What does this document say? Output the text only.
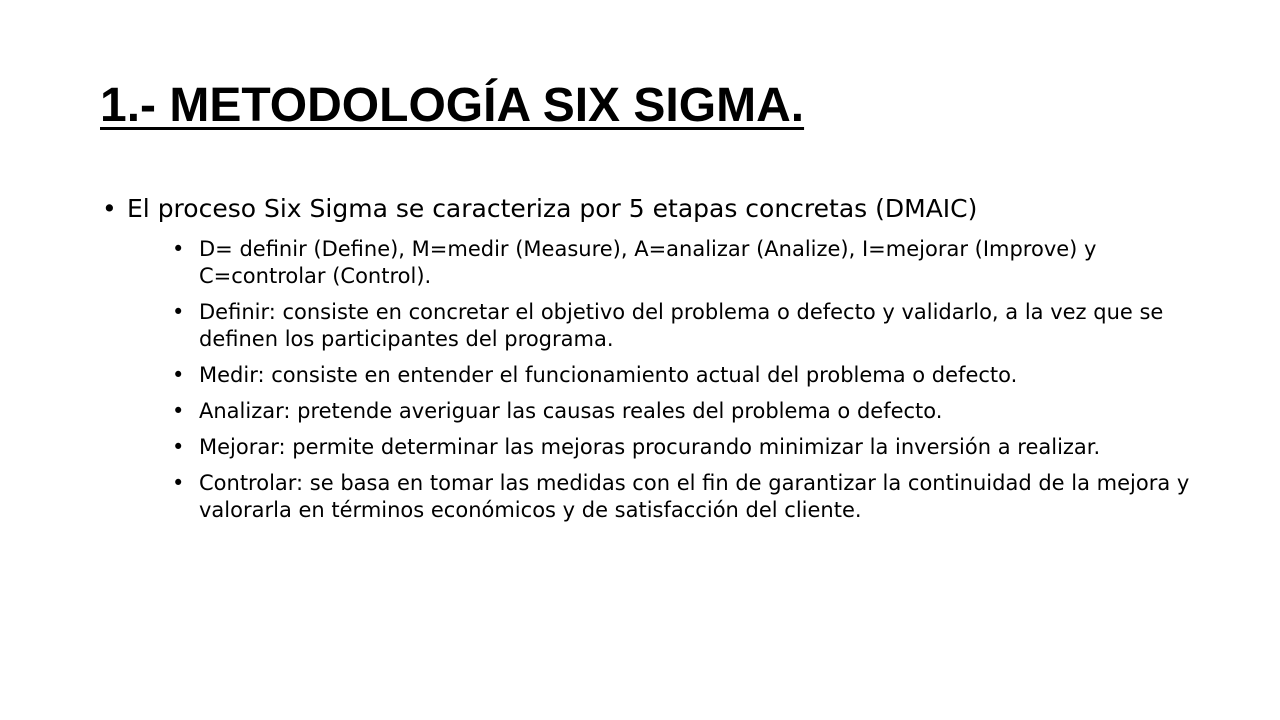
1.- METODOLOGÍA SIX SIGMA.
• El proceso Six Sigma se caracteriza por 5 etapas concretas (DMAIC)
• D= definir (Define), M=medir (Measure), A=analizar (Analize), I=mejorar (Improve) y C=controlar (Control).
• Definir: consiste en concretar el objetivo del problema o defecto y validarlo, a la vez que se definen los participantes del programa.
• Medir: consiste en entender el funcionamiento actual del problema o defecto.
• Analizar: pretende averiguar las causas reales del problema o defecto.
• Mejorar: permite determinar las mejoras procurando minimizar la inversión a realizar.
• Controlar: se basa en tomar las medidas con el fin de garantizar la continuidad de la mejora y valorarla en términos económicos y de satisfacción del cliente.
